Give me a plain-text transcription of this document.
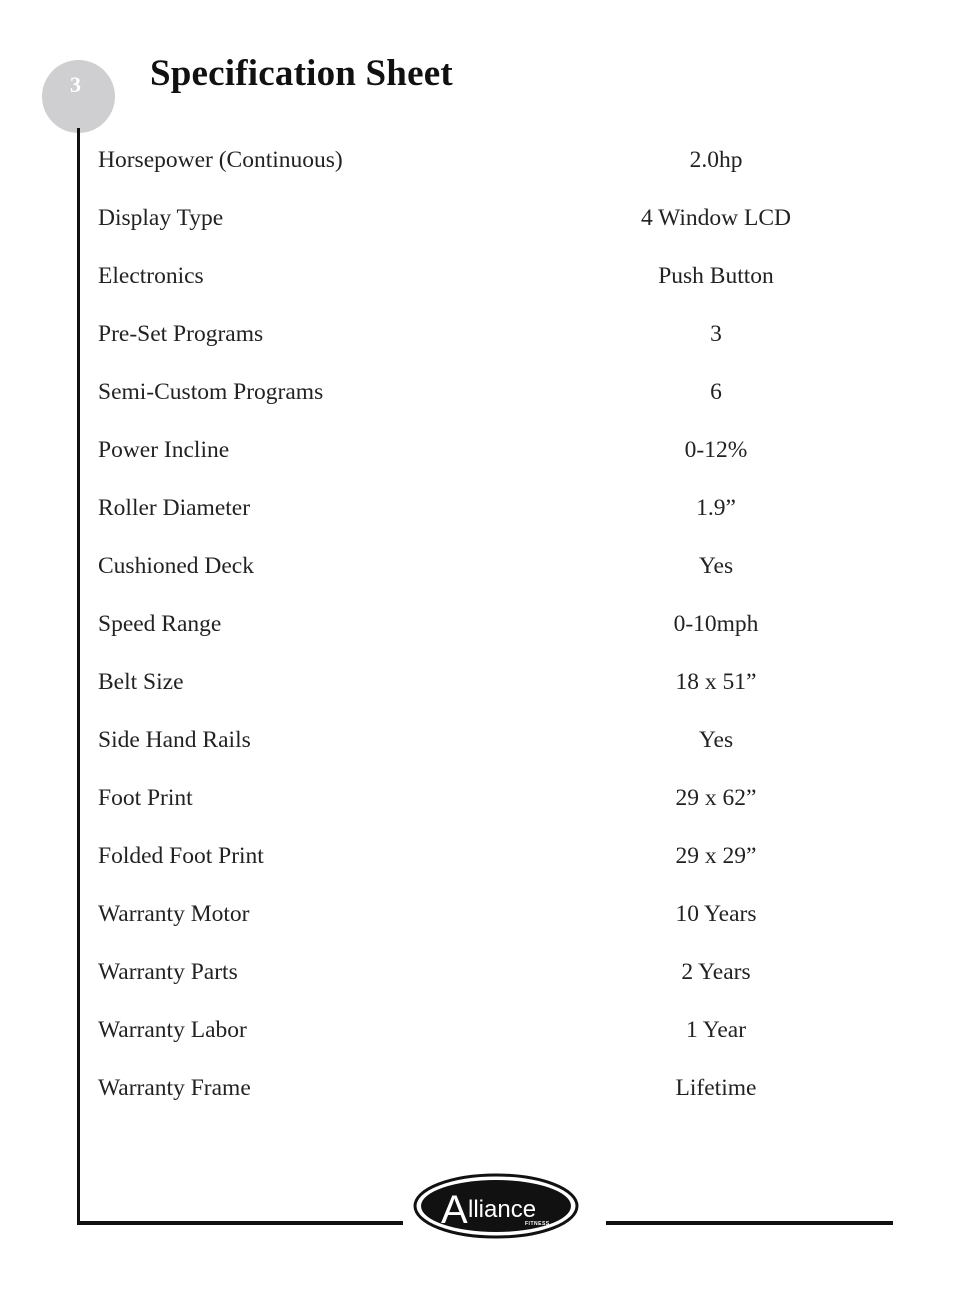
3 Specification Sheet
Horsepower (Continuous)	2.0hp
Display Type	4 Window LCD
Electronics	Push Button
Pre-Set Programs	3
Semi-Custom Programs	6
Power Incline	0-12%
Roller Diameter	1.9”
Cushioned Deck	Yes
Speed Range	0-10mph
Belt Size	18 x 51”
Side Hand Rails	Yes
Foot Print	29 x 62”
Folded Foot Print	29 x 29”
Warranty Motor	10 Years
Warranty Parts	2 Years
Warranty Labor	1 Year
Warranty Frame	Lifetime
A lliance
FITNESS
